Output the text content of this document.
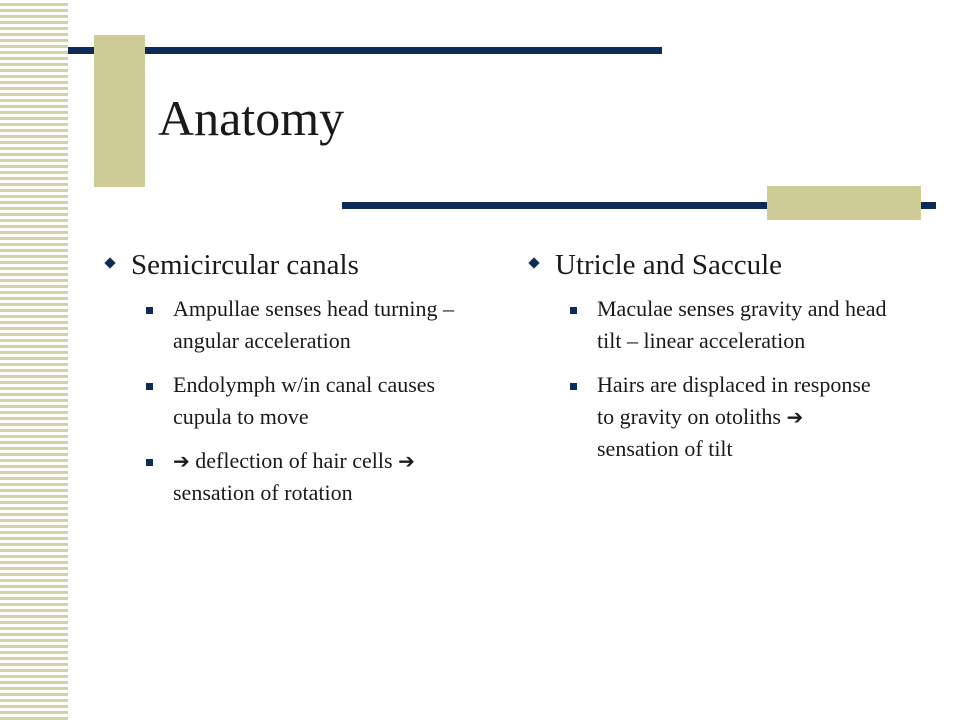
Anatomy
Semicircular canals
Ampullae senses head turning – angular acceleration
Endolymph w/in canal causes cupula to move
➔ deflection of hair cells ➔ sensation of rotation
Utricle and Saccule
Maculae senses gravity and head tilt – linear acceleration
Hairs are displaced in response to gravity on otoliths ➔ sensation of tilt
